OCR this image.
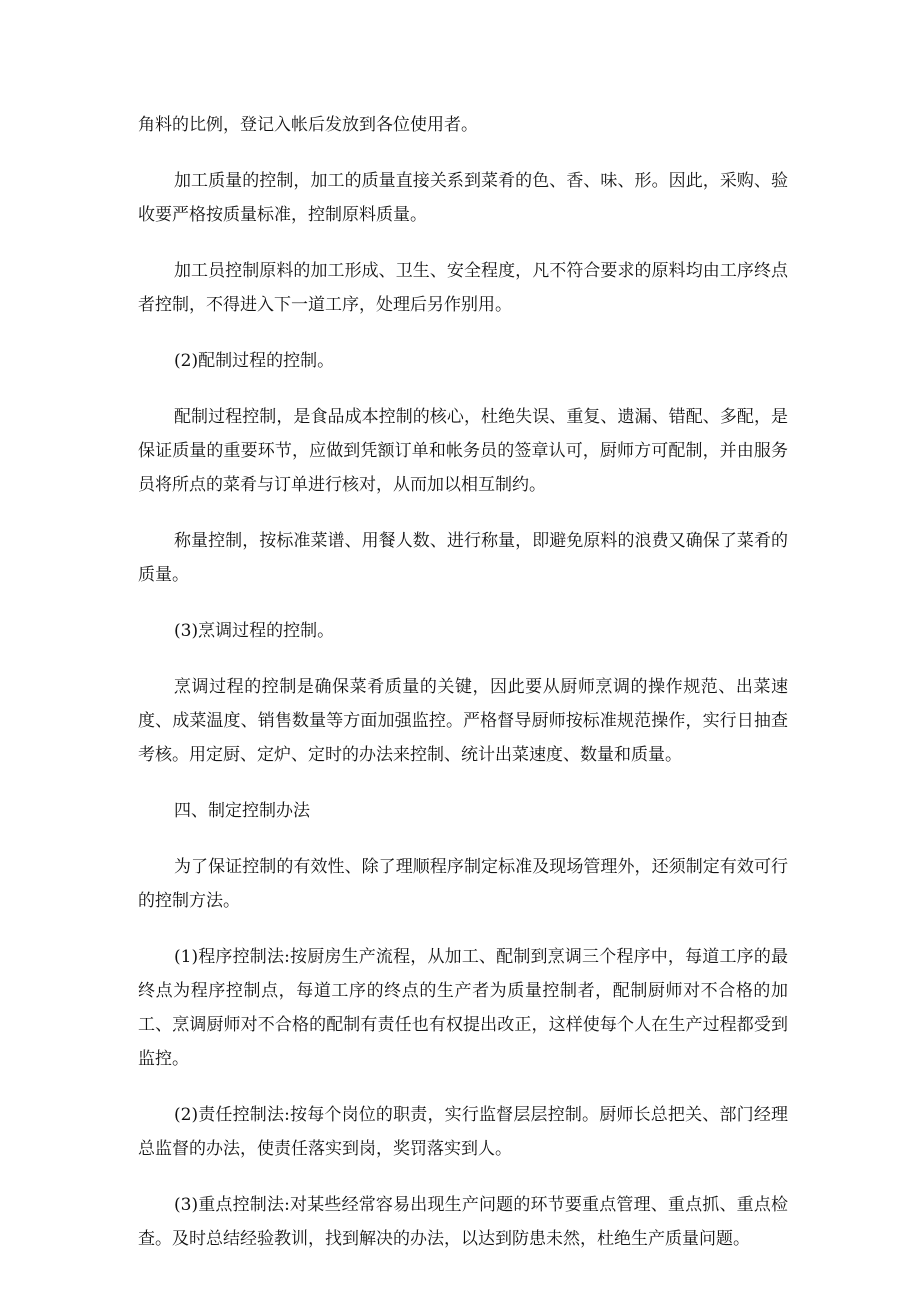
角料的比例，登记入帐后发放到各位使用者。

加工质量的控制，加工的质量直接关系到菜肴的色、香、味、形。因此，采购、验收要严格按质量标准，控制原料质量。

加工员控制原料的加工形成、卫生、安全程度，凡不符合要求的原料均由工序终点者控制，不得进入下一道工序，处理后另作别用。

(2)配制过程的控制。

配制过程控制，是食品成本控制的核心，杜绝失误、重复、遗漏、错配、多配，是保证质量的重要环节，应做到凭额订单和帐务员的签章认可，厨师方可配制，并由服务员将所点的菜肴与订单进行核对，从而加以相互制约。

称量控制，按标准菜谱、用餐人数、进行称量，即避免原料的浪费又确保了菜肴的质量。

(3)烹调过程的控制。

烹调过程的控制是确保菜肴质量的关键，因此要从厨师烹调的操作规范、出菜速度、成菜温度、销售数量等方面加强监控。严格督导厨师按标准规范操作，实行日抽查考核。用定厨、定炉、定时的办法来控制、统计出菜速度、数量和质量。

四、制定控制办法

为了保证控制的有效性、除了理顺程序制定标准及现场管理外，还须制定有效可行的控制方法。

(1)程序控制法:按厨房生产流程，从加工、配制到烹调三个程序中，每道工序的最终点为程序控制点，每道工序的终点的生产者为质量控制者，配制厨师对不合格的加工、烹调厨师对不合格的配制有责任也有权提出改正，这样使每个人在生产过程都受到监控。

(2)责任控制法:按每个岗位的职责，实行监督层层控制。厨师长总把关、部门经理总监督的办法，使责任落实到岗，奖罚落实到人。

(3)重点控制法:对某些经常容易出现生产问题的环节要重点管理、重点抓、重点检查。及时总结经验教训，找到解决的办法，以达到防患未然，杜绝生产质量问题。
